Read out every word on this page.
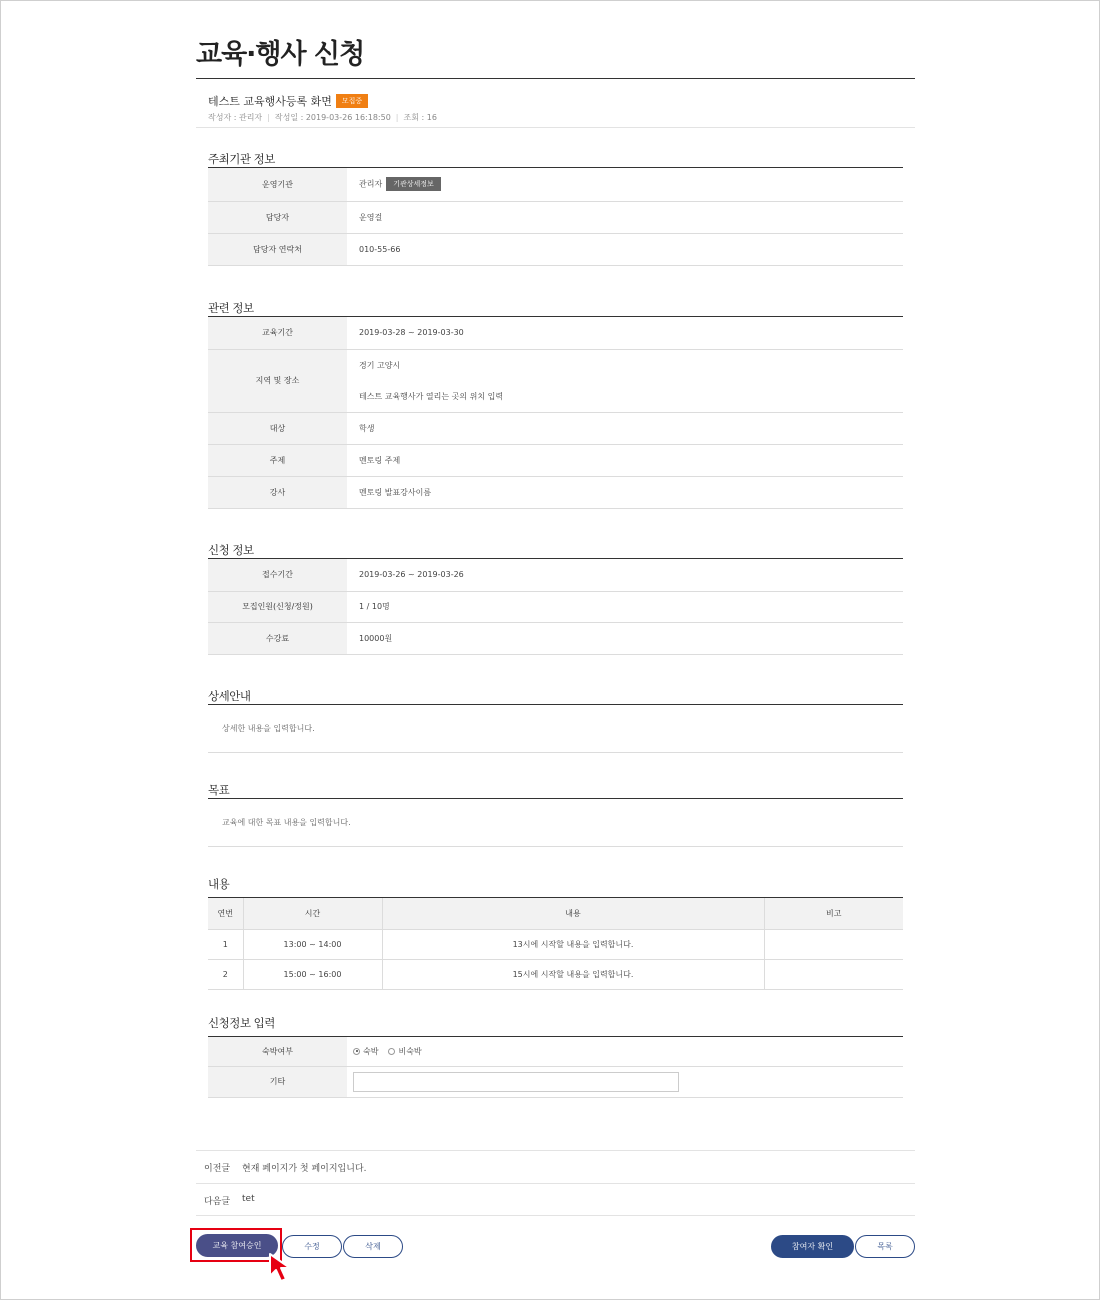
교육·행사 신청
테스트 교육행사등록 화면 모집중
작성자 : 관리자 | 작성일 : 2019-03-26 16:18:50 | 조회 : 16
주최기관 정보
운영기관	관리자 기관상세정보
담당자	운영걸
담당자 연락처	010-55-66
관련 정보
교육기간	2019-03-28 ~ 2019-03-30
지역 및 장소	경기 고양시
테스트 교육행사가 열리는 곳의 위치 입력

대상	학생
주제	멘토링 주제
강사	멘토링 발표강사이름
신청 정보
접수기간	2019-03-26 ~ 2019-03-26
모집인원(신청/정원)	1 / 10명
수강료	10000원
상세안내
상세한 내용을 입력합니다.
목표
교육에 대한 목표 내용을 입력합니다.
내용
연번	시간	내용	비고
1	13:00 ~ 14:00	13시에 시작할 내용을 입력합니다.	
2	15:00 ~ 16:00	15시에 시작할 내용을 입력합니다.	
신청정보 입력
숙박여부	숙박 비숙박
기타	
이전글 현재 페이지가 첫 페이지입니다.
다음글 tet
교육 참여승인	수정	삭제	참여자 확인	목록
